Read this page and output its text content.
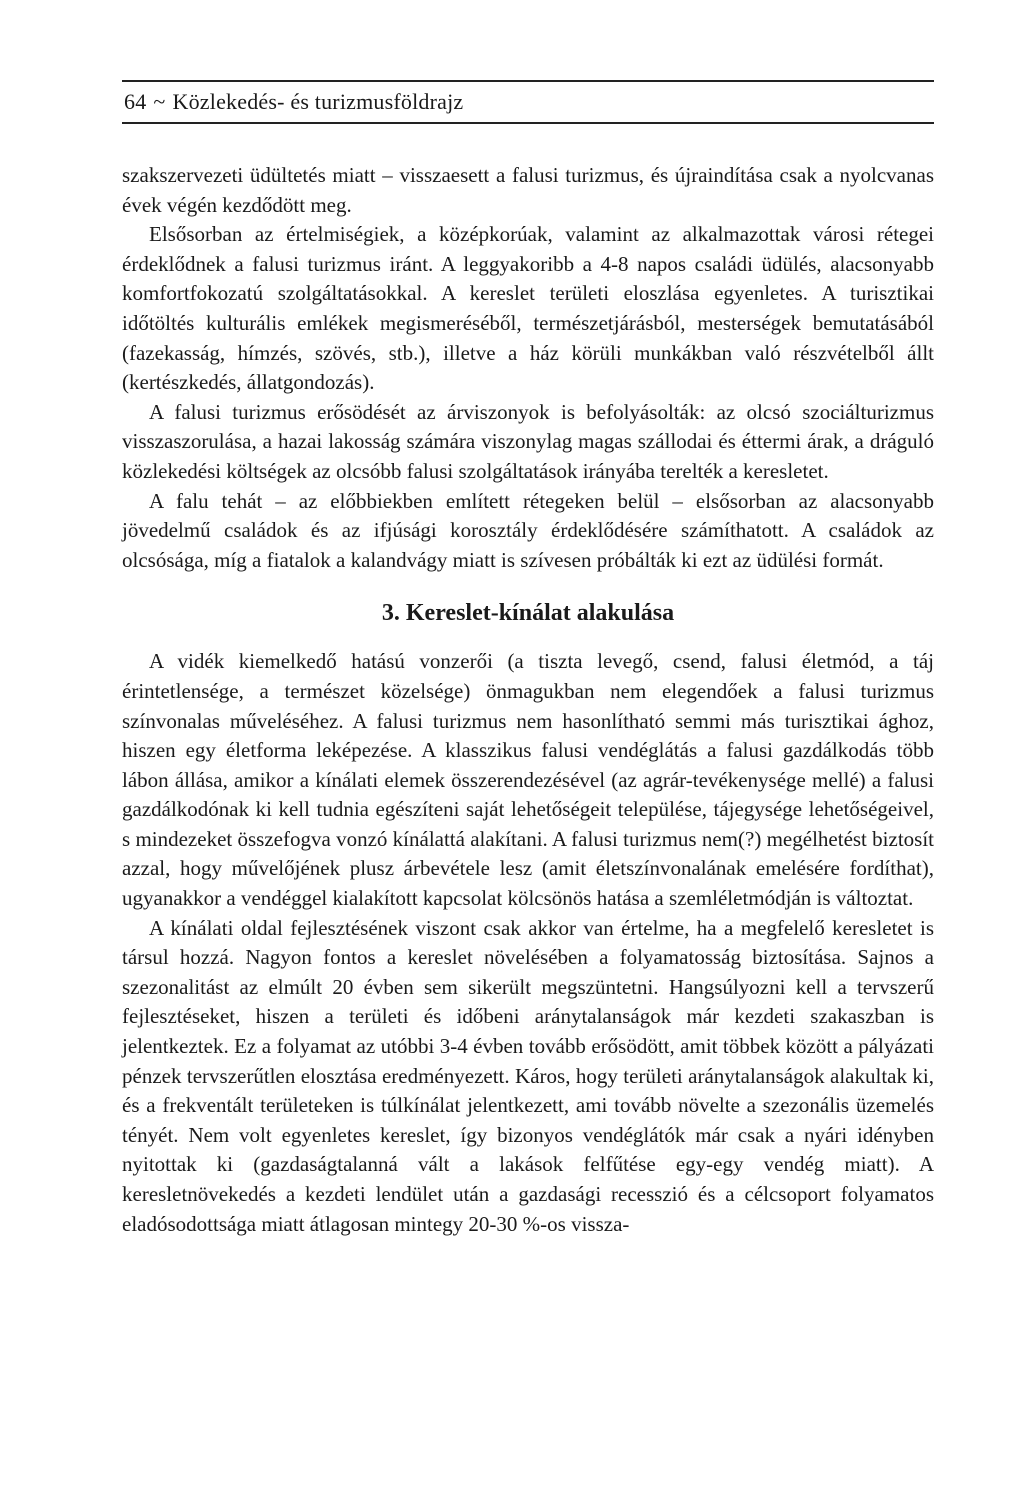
64 ~ Közlekedés- és turizmusföldrajz

szakszervezeti üdültetés miatt – visszaesett a falusi turizmus, és újraindítása csak a nyolcvanas évek végén kezdődött meg.

Elsősorban az értelmiségiek, a középkorúak, valamint az alkalmazottak városi rétegei érdeklődnek a falusi turizmus iránt. A leggyakoribb a 4-8 napos családi üdülés, alacsonyabb komfortfokozatú szolgáltatásokkal. A kereslet területi eloszlása egyenletes. A turisztikai időtöltés kulturális emlékek megismeréséből, természetjárásból, mesterségek bemutatásából (fazekasság, hímzés, szövés, stb.), illetve a ház körüli munkákban való részvételből állt (kertészkedés, állatgondozás).

A falusi turizmus erősödését az árviszonyok is befolyásolták: az olcsó szociálturizmus visszaszorulása, a hazai lakosság számára viszonylag magas szállodai és éttermi árak, a dráguló közlekedési költségek az olcsóbb falusi szolgáltatások irányába terelték a keresletet.

A falu tehát – az előbbiekben említett rétegeken belül – elsősorban az alacsonyabb jövedelmű családok és az ifjúsági korosztály érdeklődésére számíthatott. A családok az olcsósága, míg a fiatalok a kalandvágy miatt is szívesen próbálták ki ezt az üdülési formát.

3. Kereslet-kínálat alakulása

A vidék kiemelkedő hatású vonzerői (a tiszta levegő, csend, falusi életmód, a táj érintetlensége, a természet közelsége) önmagukban nem elegendőek a falusi turizmus színvonalas műveléséhez. A falusi turizmus nem hasonlítható semmi más turisztikai ághoz, hiszen egy életforma leképezése. A klasszikus falusi vendéglátás a falusi gazdálkodás több lábon állása, amikor a kínálati elemek összerendezésével (az agrár-tevékenysége mellé) a falusi gazdálkodónak ki kell tudnia egészíteni saját lehetőségeit települése, tájegysége lehetőségeivel, s mindezeket összefogva vonzó kínálattá alakítani. A falusi turizmus nem(?) megélhetést biztosít azzal, hogy művelőjének plusz árbevétele lesz (amit életszínvonalának emelésére fordíthat), ugyanakkor a vendéggel kialakított kapcsolat kölcsönös hatása a szemléletmódján is változtat.

A kínálati oldal fejlesztésének viszont csak akkor van értelme, ha a megfelelő keresletet is társul hozzá. Nagyon fontos a kereslet növelésében a folyamatosság biztosítása. Sajnos a szezonalitást az elmúlt 20 évben sem sikerült megszüntetni. Hangsúlyozni kell a tervszerű fejlesztéseket, hiszen a területi és időbeni aránytalanságok már kezdeti szakaszban is jelentkeztek. Ez a folyamat az utóbbi 3-4 évben tovább erősödött, amit többek között a pályázati pénzek tervszerűtlen elosztása eredményezett. Káros, hogy területi aránytalanságok alakultak ki, és a frekventált területeken is túlkínálat jelentkezett, ami tovább növelte a szezonális üzemelés tényét. Nem volt egyenletes kereslet, így bizonyos vendéglátók már csak a nyári idényben nyitottak ki (gazdaságtalanná vált a lakások felfűtése egy-egy vendég miatt). A keresletnövekedés a kezdeti lendület után a gazdasági recesszió és a célcsoport folyamatos eladósodottsága miatt átlagosan mintegy 20-30 %-os vissza-
